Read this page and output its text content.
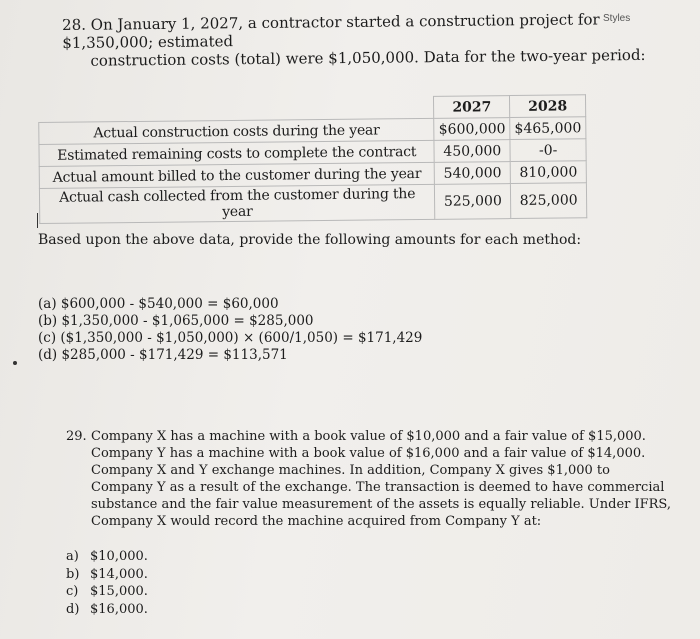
Styles
28. On January 1, 2027, a contractor started a construction project for $1,350,000; estimated
construction costs (total) were $1,050,000. Data for the two-year period:
	2027	2028
Actual construction costs during the year	$600,000	$465,000
Estimated remaining costs to complete the contract	450,000	-0-
Actual amount billed to the customer during the year	540,000	810,000
Actual cash collected from the customer during the year	525,000	825,000
Based upon the above data, provide the following amounts for each method:
(a) $600,000 - $540,000 = $60,000
(b) $1,350,000 - $1,065,000 = $285,000
(c) ($1,350,000 - $1,050,000) × (600/1,050) = $171,429
(d) $285,000 - $171,429 = $113,571
29. Company X has a machine with a book value of $10,000 and a fair value of $15,000.
Company Y has a machine with a book value of $16,000 and a fair value of $14,000.
Company X and Y exchange machines. In addition, Company X gives $1,000 to
Company Y as a result of the exchange. The transaction is deemed to have commercial
substance and the fair value measurement of the assets is equally reliable. Under IFRS,
Company X would record the machine acquired from Company Y at:
a) $10,000.
b) $14,000.
c) $15,000.
d) $16,000.
